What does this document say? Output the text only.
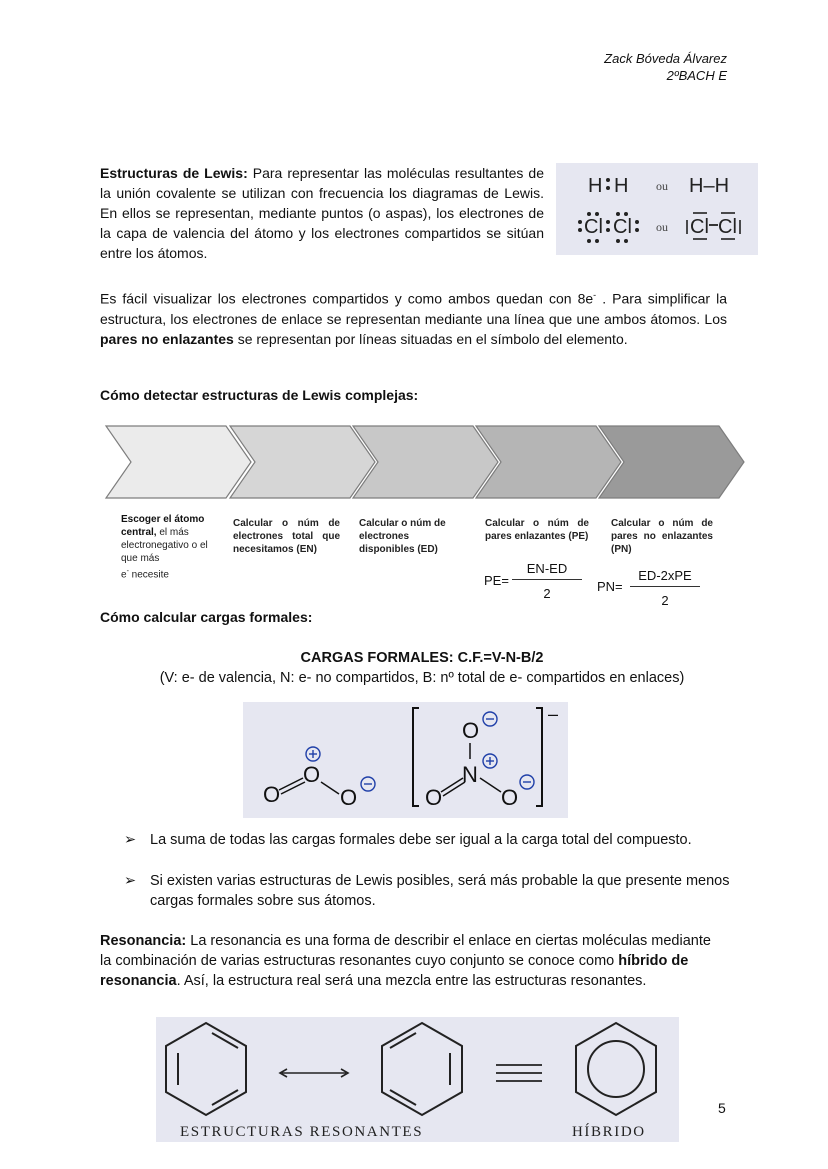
Zack Bóveda Álvarez
2ºBACH E
Estructuras de Lewis: Para representar las moléculas resultantes de la unión covalente se utilizan con frecuencia los diagramas de Lewis. En ellos se representan, mediante puntos (o aspas), los electrones de la capa de valencia del átomo y los electrones compartidos se sitúan entre los átomos.
H H ou H–H
Cl Cl ou Cl Cl
Es fácil visualizar los electrones compartidos y como ambos quedan con 8e- . Para simplificar la estructura, los electrones de enlace se representan mediante una línea que une ambos átomos. Los pares no enlazantes se representan por líneas situadas en el símbolo del elemento.
Cómo detectar estructuras de Lewis complejas:
Escoger el átomo central, el más electronegativo o el que más
e- necesite
Calcular o núm de electrones total que necesitamos (EN)
Calcular o núm de electrones disponibles (ED)
Calcular o núm de pares enlazantes (PE)
Calcular o núm de pares no enlazantes (PN)
$PE= \frac{EN-ED}{2} PN=$
ED-2xPE
2
Cómo calcular cargas formales:
CARGAS FORMALES: C.F.=V-N-B/2
(V: e- de valencia, N: e- no compartidos, B: nº total de e- compartidos en enlaces)
O
O
O
–
O
N
O	O
➢ La suma de todas las cargas formales debe ser igual a la carga total del compuesto.
➢ Si existen varias estructuras de Lewis posibles, será más probable la que presente menos cargas formales sobre sus átomos.
Resonancia: La resonancia es una forma de describir el enlace en ciertas moléculas mediante la combinación de varias estructuras resonantes cuyo conjunto se conoce como híbrido de resonancia. Así, la estructura real será una mezcla entre las estructuras resonantes.
ESTRUCTURAS RESONANTES	HÍBRIDO
5
